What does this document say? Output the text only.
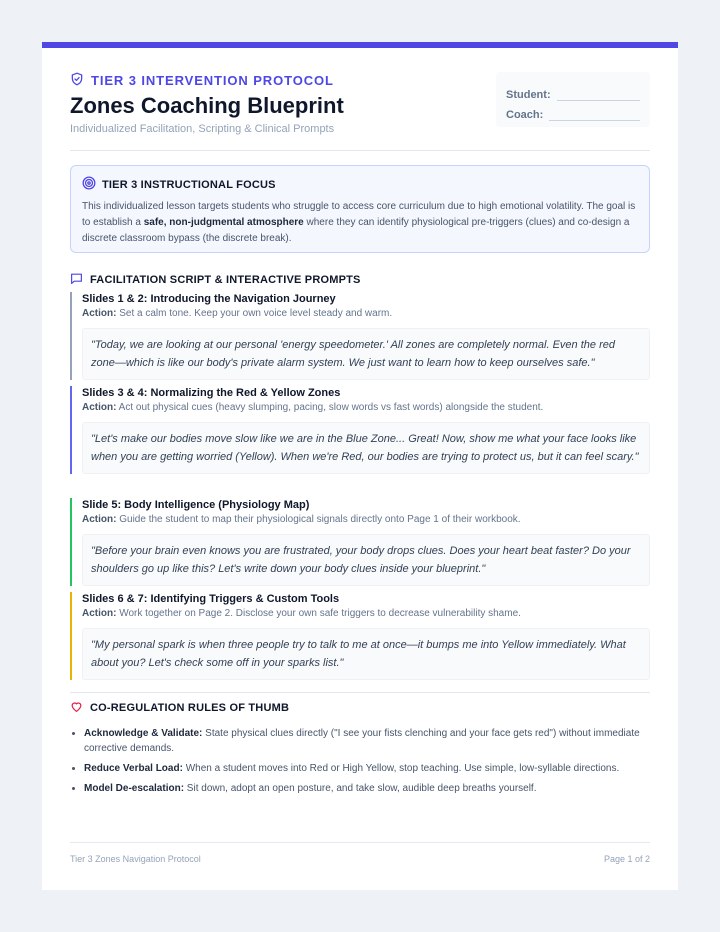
TIER 3 INTERVENTION PROTOCOL
Zones Coaching Blueprint
Individualized Facilitation, Scripting & Clinical Prompts
Student:
Coach:
TIER 3 INSTRUCTIONAL FOCUS
This individualized lesson targets students who struggle to access core curriculum due to high emotional volatility. The goal is to establish a safe, non-judgmental atmosphere where they can identify physiological pre-triggers (clues) and co-design a discrete classroom bypass (the discrete break).
FACILITATION SCRIPT & INTERACTIVE PROMPTS
Slides 1 & 2: Introducing the Navigation Journey
Action: Set a calm tone. Keep your own voice level steady and warm.
"Today, we are looking at our personal 'energy speedometer.' All zones are completely normal. Even the red zone—which is like our body's private alarm system. We just want to learn how to keep ourselves safe."
Slides 3 & 4: Normalizing the Red & Yellow Zones
Action: Act out physical cues (heavy slumping, pacing, slow words vs fast words) alongside the student.
"Let's make our bodies move slow like we are in the Blue Zone... Great! Now, show me what your face looks like when you are getting worried (Yellow). When we're Red, our bodies are trying to protect us, but it can feel scary."
Slide 5: Body Intelligence (Physiology Map)
Action: Guide the student to map their physiological signals directly onto Page 1 of their workbook.
"Before your brain even knows you are frustrated, your body drops clues. Does your heart beat faster? Do your shoulders go up like this? Let's write down your body clues inside your blueprint."
Slides 6 & 7: Identifying Triggers & Custom Tools
Action: Work together on Page 2. Disclose your own safe triggers to decrease vulnerability shame.
"My personal spark is when three people try to talk to me at once—it bumps me into Yellow immediately. What about you? Let's check some off in your sparks list."
CO-REGULATION RULES OF THUMB
• Acknowledge & Validate: State physical clues directly ("I see your fists clenching and your face gets red") without immediate corrective demands.
• Reduce Verbal Load: When a student moves into Red or High Yellow, stop teaching. Use simple, low-syllable directions.
• Model De-escalation: Sit down, adopt an open posture, and take slow, audible deep breaths yourself.
Tier 3 Zones Navigation Protocol	Page 1 of 2
